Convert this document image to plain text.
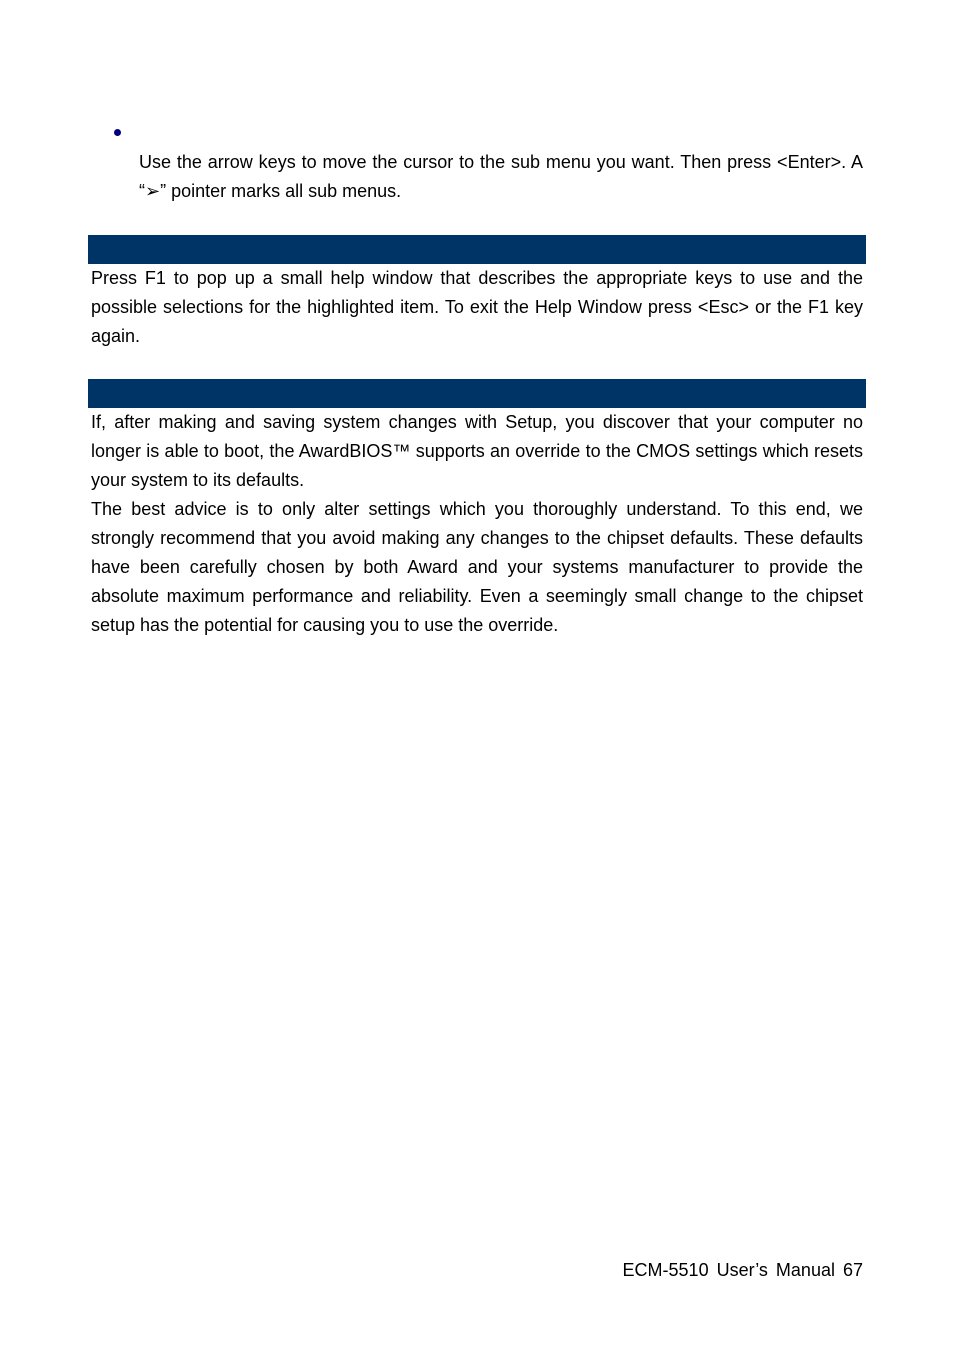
Use the arrow keys to move the cursor to the sub menu you want. Then press <Enter>. A “➢” pointer marks all sub menus.

Press F1 to pop up a small help window that describes the appropriate keys to use and the possible selections for the highlighted item. To exit the Help Window press <Esc> or the F1 key again.

If, after making and saving system changes with Setup, you discover that your computer no longer is able to boot, the AwardBIOS™ supports an override to the CMOS settings which resets your system to its defaults.

The best advice is to only alter settings which you thoroughly understand. To this end, we strongly recommend that you avoid making any changes to the chipset defaults. These defaults have been carefully chosen by both Award and your systems manufacturer to provide the absolute maximum performance and reliability. Even a seemingly small change to the chipset setup has the potential for causing you to use the override.

ECM-5510 User’s Manual 67
